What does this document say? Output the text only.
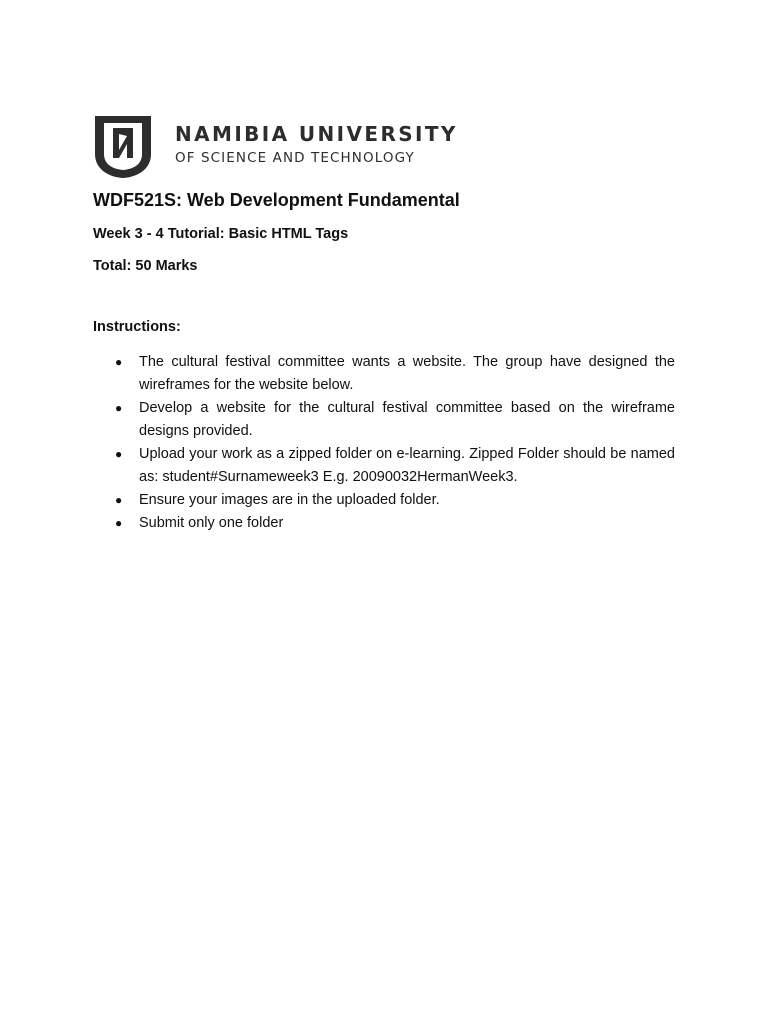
NAMIBIA UNIVERSITY
OF SCIENCE AND TECHNOLOGY
WDF521S: Web Development Fundamental
Week 3 - 4 Tutorial: Basic HTML Tags
Total: 50 Marks
Instructions:
●	The cultural festival committee wants a website. The group have designed the wireframes for the website below.
●	Develop a website for the cultural festival committee based on the wireframe designs provided.
●	Upload your work as a zipped folder on e-learning. Zipped Folder should be named as: student#Surnameweek3 E.g. 20090032HermanWeek3.
●	Ensure your images are in the uploaded folder.
●	Submit only one folder
